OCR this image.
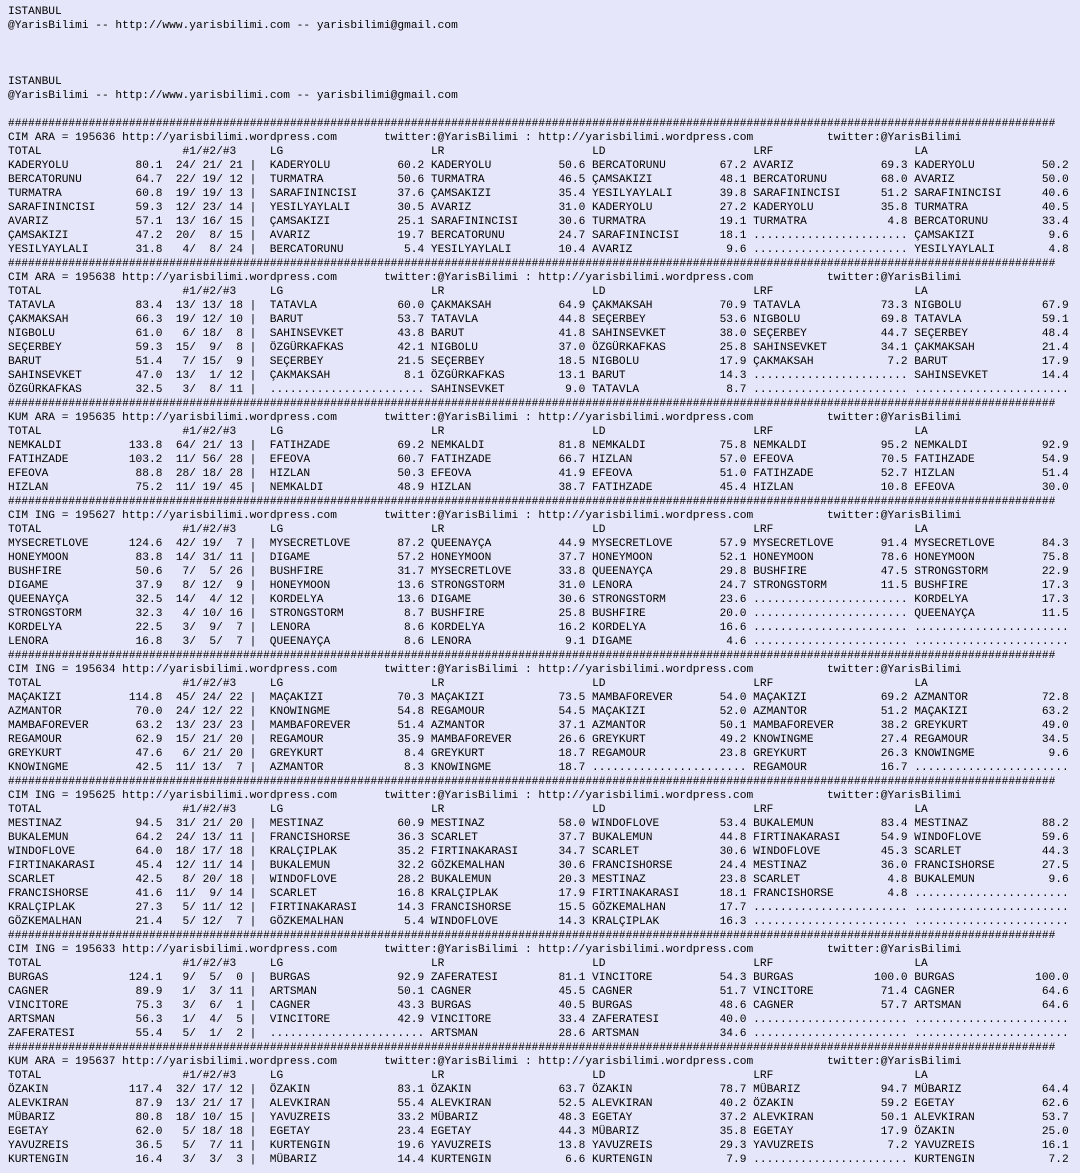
ISTANBUL
@YarisBilimi -- http://www.yarisbilimi.com -- yarisbilimi@gmail.com
ISTANBUL
@YarisBilimi -- http://www.yarisbilimi.com -- yarisbilimi@gmail.com
############################################################################################################################################################
CIM ARA = 195636 http://yarisbilimi.wordpress.com	twitter:@YarisBilimi : http://yarisbilimi.wordpress.com	twitter:@YarisBilimi
TOTAL	#1/#2/#3	LG	LR	LD	LRF	LA
KADERYOLU	80.1 24/ 21/ 21 | KADERYOLU	60.2 KADERYOLU	50.6 BERCATORUNU	67.2 AVARIZ	69.3 KADERYOLU	50.2
BERCATORUNU	64.7 22/ 19/ 12 | TURMATRA	50.6 TURMATRA	46.5 ÇAMSAKIZI	48.1 BERCATORUNU	68.0 AVARIZ	50.0
TURMATRA	60.8 19/ 19/ 13 | SARAFININCISI	37.6 ÇAMSAKIZI	35.4 YESILYAYLALI	39.8 SARAFININCISI	51.2 SARAFININCISI	40.6
SARAFININCISI	59.3 12/ 23/ 14 | YESILYAYLALI	30.5 AVARIZ	31.0 KADERYOLU	27.2 KADERYOLU	35.8 TURMATRA	40.5
AVARIZ	57.1 13/ 16/ 15 | ÇAMSAKIZI	25.1 SARAFININCISI	30.6 TURMATRA	19.1 TURMATRA	4.8 BERCATORUNU	33.4
ÇAMSAKIZI	47.2 20/ 8/ 15 | AVARIZ	19.7 BERCATORUNU	24.7 SARAFININCISI	18.1 ....................... ÇAMSAKIZI	9.6
YESILYAYLALI	31.8 4/ 8/ 24 | BERCATORUNU	5.4 YESILYAYLALI	10.4 AVARIZ	9.6 ....................... YESILYAYLALI	4.8
############################################################################################################################################################
CIM ARA = 195638 http://yarisbilimi.wordpress.com	twitter:@YarisBilimi : http://yarisbilimi.wordpress.com	twitter:@YarisBilimi
TOTAL	#1/#2/#3	LG	LR	LD	LRF	LA
TATAVLA	83.4 13/ 13/ 18 | TATAVLA	60.0 ÇAKMAKSAH	64.9 ÇAKMAKSAH	70.9 TATAVLA	73.3 NIGBOLU	67.9
ÇAKMAKSAH	66.3 19/ 12/ 10 | BARUT	53.7 TATAVLA	44.8 SEÇERBEY	53.6 NIGBOLU	69.8 TATAVLA	59.1
NIGBOLU	61.0 6/ 18/ 8 | SAHINSEVKET	43.8 BARUT	41.8 SAHINSEVKET	38.0 SEÇERBEY	44.7 SEÇERBEY	48.4
SEÇERBEY	59.3 15/ 9/ 8 | ÖZGÜRKAFKAS	42.1 NIGBOLU	37.0 ÖZGÜRKAFKAS	25.8 SAHINSEVKET	34.1 ÇAKMAKSAH	21.4
BARUT	51.4 7/ 15/ 9 | SEÇERBEY	21.5 SEÇERBEY	18.5 NIGBOLU	17.9 ÇAKMAKSAH	7.2 BARUT	17.9
SAHINSEVKET	47.0 13/ 1/ 12 | ÇAKMAKSAH	8.1 ÖZGÜRKAFKAS	13.1 BARUT	14.3 ....................... SAHINSEVKET	14.4
ÖZGÜRKAFKAS	32.5 3/ 8/ 11 | ....................... SAHINSEVKET	9.0 TATAVLA	8.7 ....................... .......................
############################################################################################################################################################
KUM ARA = 195635 http://yarisbilimi.wordpress.com	twitter:@YarisBilimi : http://yarisbilimi.wordpress.com	twitter:@YarisBilimi
TOTAL	#1/#2/#3	LG	LR	LD	LRF	LA
NEMKALDI	133.8 64/ 21/ 13 | FATIHZADE	69.2 NEMKALDI	81.8 NEMKALDI	75.8 NEMKALDI	95.2 NEMKALDI	92.9
FATIHZADE	103.2 11/ 56/ 28 | EFEOVA	60.7 FATIHZADE	66.7 HIZLAN	57.0 EFEOVA	70.5 FATIHZADE	54.9
EFEOVA	88.8 28/ 18/ 28 | HIZLAN	50.3 EFEOVA	41.9 EFEOVA	51.0 FATIHZADE	52.7 HIZLAN	51.4
HIZLAN	75.2 11/ 19/ 45 | NEMKALDI	48.9 HIZLAN	38.7 FATIHZADE	45.4 HIZLAN	10.8 EFEOVA	30.0
############################################################################################################################################################
CIM ING = 195627 http://yarisbilimi.wordpress.com	twitter:@YarisBilimi : http://yarisbilimi.wordpress.com	twitter:@YarisBilimi
TOTAL	#1/#2/#3	LG	LR	LD	LRF	LA
MYSECRETLOVE	124.6 42/ 19/ 7 | MYSECRETLOVE	87.2 QUEENAYÇA	44.9 MYSECRETLOVE	57.9 MYSECRETLOVE	91.4 MYSECRETLOVE	84.3
HONEYMOON	83.8 14/ 31/ 11 | DIGAME	57.2 HONEYMOON	37.7 HONEYMOON	52.1 HONEYMOON	78.6 HONEYMOON	75.8
BUSHFIRE	50.6 7/ 5/ 26 | BUSHFIRE	31.7 MYSECRETLOVE	33.8 QUEENAYÇA	29.8 BUSHFIRE	47.5 STRONGSTORM	22.9
DIGAME	37.9 8/ 12/ 9 | HONEYMOON	13.6 STRONGSTORM	31.0 LENORA	24.7 STRONGSTORM	11.5 BUSHFIRE	17.3
QUEENAYÇA	32.5 14/ 4/ 12 | KORDELYA	13.6 DIGAME	30.6 STRONGSTORM	23.6 ....................... KORDELYA	17.3
STRONGSTORM	32.3 4/ 10/ 16 | STRONGSTORM	8.7 BUSHFIRE	25.8 BUSHFIRE	20.0 ....................... QUEENAYÇA	11.5
KORDELYA	22.5 3/ 9/ 7 | LENORA	8.6 KORDELYA	16.2 KORDELYA	16.6 ....................... .......................
LENORA	16.8 3/ 5/ 7 | QUEENAYÇA	8.6 LENORA	9.1 DIGAME	4.6 ....................... .......................
############################################################################################################################################################
CIM ING = 195634 http://yarisbilimi.wordpress.com	twitter:@YarisBilimi : http://yarisbilimi.wordpress.com	twitter:@YarisBilimi
TOTAL	#1/#2/#3	LG	LR	LD	LRF	LA
MAÇAKIZI	114.8 45/ 24/ 22 | MAÇAKIZI	70.3 MAÇAKIZI	73.5 MAMBAFOREVER	54.0 MAÇAKIZI	69.2 AZMANTOR	72.8
AZMANTOR	70.0 24/ 12/ 22 | KNOWINGME	54.8 REGAMOUR	54.5 MAÇAKIZI	52.0 AZMANTOR	51.2 MAÇAKIZI	63.2
MAMBAFOREVER	63.2 13/ 23/ 23 | MAMBAFOREVER	51.4 AZMANTOR	37.1 AZMANTOR	50.1 MAMBAFOREVER	38.2 GREYKURT	49.0
REGAMOUR	62.9 15/ 21/ 20 | REGAMOUR	35.9 MAMBAFOREVER	26.6 GREYKURT	49.2 KNOWINGME	27.4 REGAMOUR	34.5
GREYKURT	47.6 6/ 21/ 20 | GREYKURT	8.4 GREYKURT	18.7 REGAMOUR	23.8 GREYKURT	26.3 KNOWINGME	9.6
KNOWINGME	42.5 11/ 13/ 7 | AZMANTOR	8.3 KNOWINGME	18.7 ....................... REGAMOUR	16.7 .......................
############################################################################################################################################################
CIM ING = 195625 http://yarisbilimi.wordpress.com	twitter:@YarisBilimi : http://yarisbilimi.wordpress.com	twitter:@YarisBilimi
TOTAL	#1/#2/#3	LG	LR	LD	LRF	LA
MESTINAZ	94.5 31/ 21/ 20 | MESTINAZ	60.9 MESTINAZ	58.0 WINDOFLOVE	53.4 BUKALEMUN	83.4 MESTINAZ	88.2
BUKALEMUN	64.2 24/ 13/ 11 | FRANCISHORSE	36.3 SCARLET	37.7 BUKALEMUN	44.8 FIRTINAKARASI	54.9 WINDOFLOVE	59.6
WINDOFLOVE	64.0 18/ 17/ 18 | KRALÇIPLAK	35.2 FIRTINAKARASI	34.7 SCARLET	30.6 WINDOFLOVE	45.3 SCARLET	44.3
FIRTINAKARASI	45.4 12/ 11/ 14 | BUKALEMUN	32.2 GÖZKEMALHAN	30.6 FRANCISHORSE	24.4 MESTINAZ	36.0 FRANCISHORSE	27.5
SCARLET	42.5 8/ 20/ 18 | WINDOFLOVE	28.2 BUKALEMUN	20.3 MESTINAZ	23.8 SCARLET	4.8 BUKALEMUN	9.6
FRANCISHORSE	41.6 11/ 9/ 14 | SCARLET	16.8 KRALÇIPLAK	17.9 FIRTINAKARASI	18.1 FRANCISHORSE	4.8 .......................
KRALÇIPLAK	27.3 5/ 11/ 12 | FIRTINAKARASI	14.3 FRANCISHORSE	15.5 GÖZKEMALHAN	17.7 ....................... .......................
GÖZKEMALHAN	21.4 5/ 12/ 7 | GÖZKEMALHAN	5.4 WINDOFLOVE	14.3 KRALÇIPLAK	16.3 ....................... .......................
############################################################################################################################################################
CIM ING = 195633 http://yarisbilimi.wordpress.com	twitter:@YarisBilimi : http://yarisbilimi.wordpress.com	twitter:@YarisBilimi
TOTAL	#1/#2/#3	LG	LR	LD	LRF	LA
BURGAS	124.1 9/ 5/ 0 | BURGAS	92.9 ZAFERATESI	81.1 VINCITORE	54.3 BURGAS	100.0 BURGAS	100.0
CAGNER	89.9 1/ 3/ 11 | ARTSMAN	50.1 CAGNER	45.5 CAGNER	51.7 VINCITORE	71.4 CAGNER	64.6
VINCITORE	75.3 3/ 6/ 1 | CAGNER	43.3 BURGAS	40.5 BURGAS	48.6 CAGNER	57.7 ARTSMAN	64.6
ARTSMAN	56.3 1/ 4/ 5 | VINCITORE	42.9 VINCITORE	33.4 ZAFERATESI	40.0 ....................... .......................
ZAFERATESI	55.4 5/ 1/ 2 | ....................... ARTSMAN	28.6 ARTSMAN	34.6 ....................... .......................
############################################################################################################################################################
KUM ARA = 195637 http://yarisbilimi.wordpress.com	twitter:@YarisBilimi : http://yarisbilimi.wordpress.com	twitter:@YarisBilimi
TOTAL	#1/#2/#3	LG	LR	LD	LRF	LA
ÖZAKIN	117.4 32/ 17/ 12 | ÖZAKIN	83.1 ÖZAKIN	63.7 ÖZAKIN	78.7 MÜBARIZ	94.7 MÜBARIZ	64.4
ALEVKIRAN	87.9 13/ 21/ 17 | ALEVKIRAN	55.4 ALEVKIRAN	52.5 ALEVKIRAN	40.2 ÖZAKIN	59.2 EGETAY	62.6
MÜBARIZ	80.8 18/ 10/ 15 | YAVUZREIS	33.2 MÜBARIZ	48.3 EGETAY	37.2 ALEVKIRAN	50.1 ALEVKIRAN	53.7
EGETAY	62.0 5/ 18/ 18 | EGETAY	23.4 EGETAY	44.3 MÜBARIZ	35.8 EGETAY	17.9 ÖZAKIN	25.0
YAVUZREIS	36.5 5/ 7/ 11 | KURTENGIN	19.6 YAVUZREIS	13.8 YAVUZREIS	29.3 YAVUZREIS	7.2 YAVUZREIS	16.1
KURTENGIN	16.4 3/ 3/ 3 | MÜBARIZ	14.4 KURTENGIN	6.6 KURTENGIN	7.9 ....................... KURTENGIN	7.2
